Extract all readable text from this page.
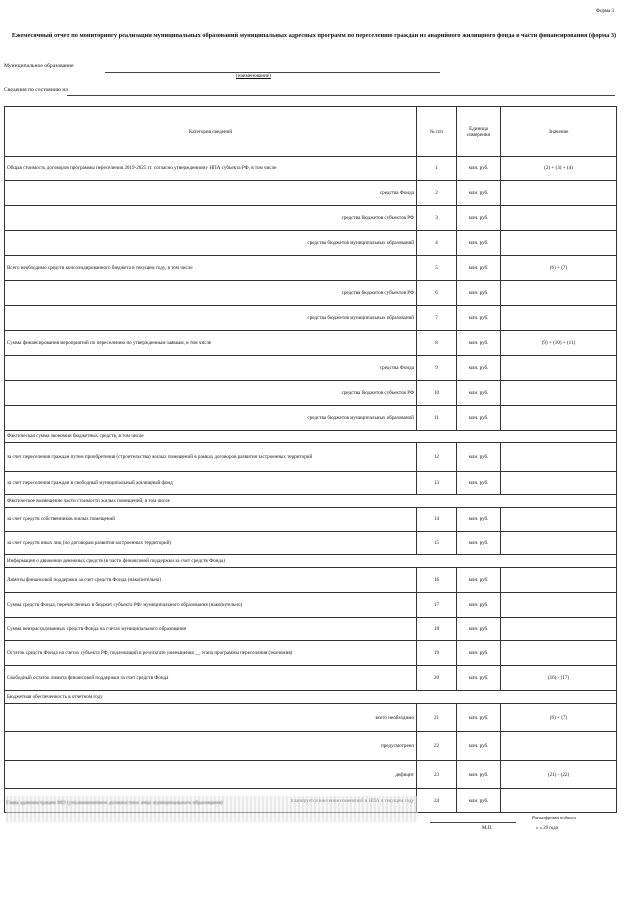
Форма 3
Ежемесячный отчет по мониторингу реализации муниципальных образований муниципальных адресных программ по переселению граждан из аварийного жилищного фонда в части финансирования (форма 3)
Муниципальное образование
(наименование)
Сведения по состоянию на
Категория сведений	№ п/п	Единица измерения	Значение
Общая стоимость договоров программы переселения 2019-2025 гг. согласно утвержденному НПА субъекта РФ, в том числе	1	млн. руб.	(2) + (3) + (4)
средства Фонда	2	млн. руб.	
средства бюджетов субъектов РФ	3	млн. руб.	
средства бюджетов муниципальных образований	4	млн. руб.	
Всего необходимо средств консолидированного бюджета в текущем году, в том числе	5	млн. руб.	(6) + (7)
средства бюджетов субъектов РФ	6	млн. руб.	
средства бюджетов муниципальных образований	7	млн. руб.	
Сумма финансирования мероприятий по переселению по утвержденным заявкам, в том числе	8	млн. руб.	(9) + (10) + (11)
средства Фонда	9	млн. руб.	
средства бюджетов субъектов РФ	10	млн. руб.	
средства бюджетов муниципальных образований	11	млн. руб.	
Фактическая сумма экономии бюджетных средств, в том числе			
за счет переселения граждан путем приобретения (строительства) жилых помещений в рамках договоров развития застроенных территорий	12	млн. руб.	
за счет переселения граждан в свободный муниципальный жилищный фонд	13	млн. руб.	
Фактическое возмещение части стоимости жилых помещений, в том числе			
за счет средств собственников жилых помещений	14	млн. руб.	
за счет средств иных лиц (по договорам развития застроенных территорий)	15	млн. руб.	
Информация о движении денежных средств (в части финансовой поддержки за счет средств Фонда)			
Лимиты финансовой поддержки за счет средств Фонда (накопительно)	16	млн. руб.	
Сумма средств Фонда, перечисленных в бюджет субъекта РФ/ муниципального образования (накопительно)	17	млн. руб.	
Сумма неизрасходованных средств Фонда на счетах муниципального образования	18	млн. руб.	
Остаток средств Фонда на счетах субъекта РФ, подлежащий в результате уменьшения __ этапа программы переселения (экономия)	19	млн. руб.	
Свободный остаток лимита финансовой поддержки за счет средств Фонда	20	млн. руб.	(16) - (17)
Бюджетная обеспеченность в отчетном году			
всего необходимо	21	млн. руб.	(6) + (7)
предусмотрено	22	млн. руб.	
дефицит	23	млн. руб.	(21) - (22)
	24	млн. руб.	
Глава администрации МО (уполномоченное должностное лицо муниципального образования)
Расшифровка подписи
М.П.	« » 20 года
